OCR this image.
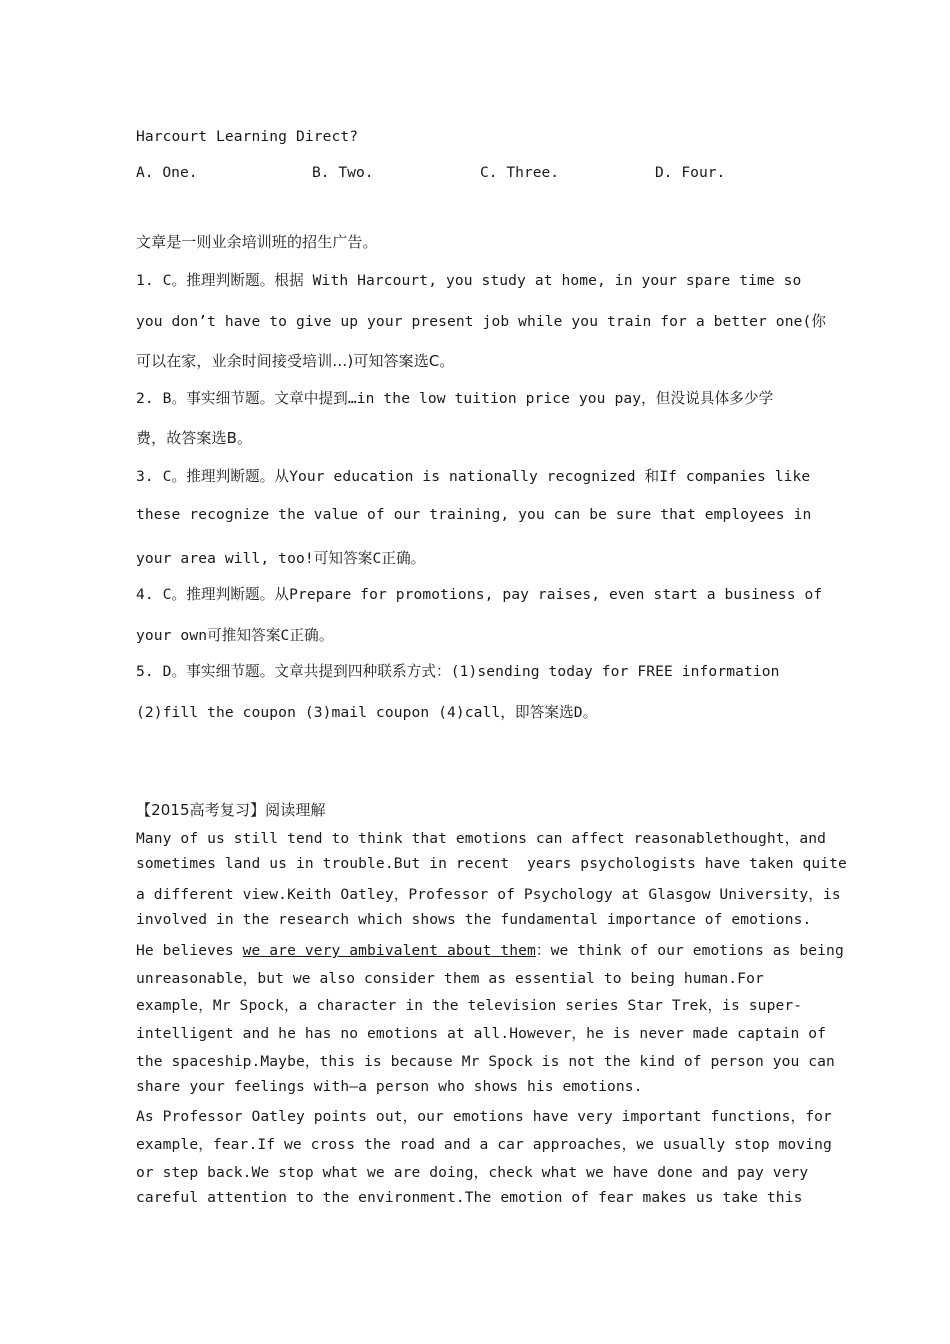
Harcourt Learning Direct?
A. One.	B. Two.	C. Three.	D. Four.
文章是一则业余培训班的招生广告。
1. C。推理判断题。根据 With Harcourt, you study at home, in your spare time so
you don’t have to give up your present job while you train for a better one(你
可以在家，业余时间接受培训…)可知答案选C。
2. B。事实细节题。文章中提到…in the low tuition price you pay，但没说具体多少学
费，故答案选B。
3. C。推理判断题。从Your education is nationally recognized 和If companies like
these recognize the value of our training, you can be sure that employees in
your area will, too!可知答案C正确。
4. C。推理判断题。从Prepare for promotions, pay raises, even start a business of
your own可推知答案C正确。
5. D。事实细节题。文章共提到四种联系方式：(1)sending today for FREE information
(2)fill the coupon (3)mail coupon (4)call，即答案选D。
【2015高考复习】阅读理解
Many of us still tend to think that emotions can affect reasonablethought，and
sometimes land us in trouble.But in recent  years psychologists have taken quite
a different view.Keith Oatley，Professor of Psychology at Glasgow University，is
involved in the research which shows the fundamental importance of emotions.
He believes we are very ambivalent about them：we think of our emotions as being
unreasonable，but we also consider them as essential to being human.For
example，Mr Spock，a character in the television series Star Trek，is super-
intelligent and he has no emotions at all.However，he is never made captain of
the spaceship.Maybe，this is because Mr Spock is not the kind of person you can
share your feelings with—a person who shows his emotions.
As Professor Oatley points out，our emotions have very important functions，for
example，fear.If we cross the road and a car approaches，we usually stop moving
or step back.We stop what we are doing，check what we have done and pay very
careful attention to the environment.The emotion of fear makes us take this
